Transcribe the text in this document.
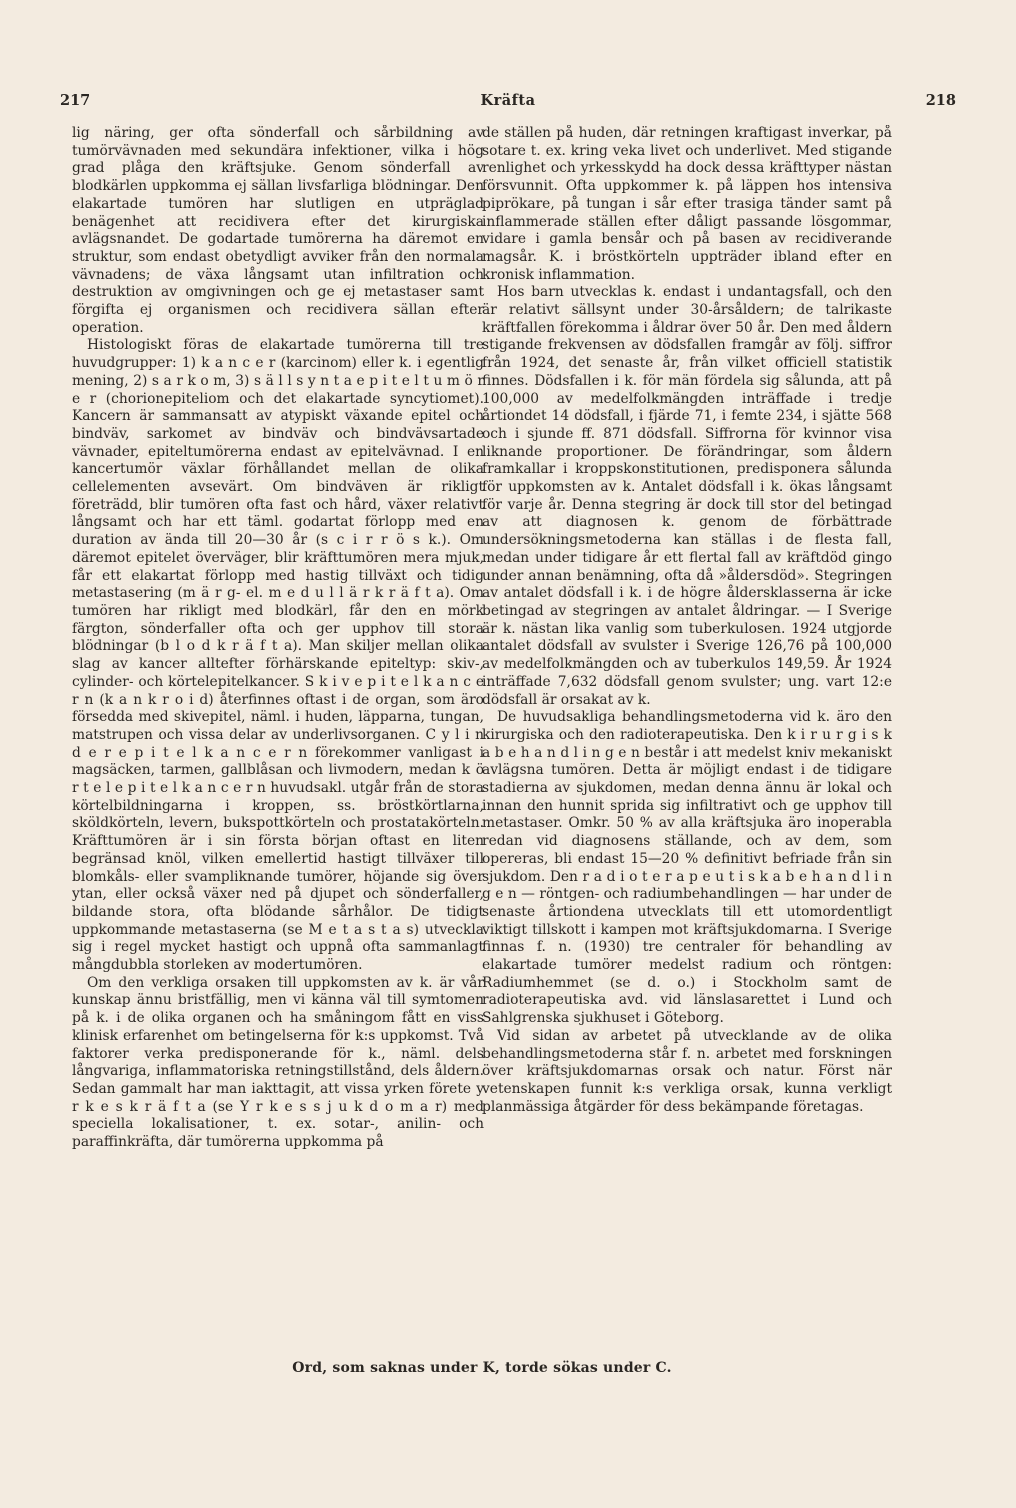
217	Kräfta	218

lig näring, ger ofta sönderfall och sårbildning av tumörvävnaden med sekundära infektioner, vilka i hög grad plåga den kräftsjuke. Genom sönderfall av blodkärlen uppkomma ej sällan livsfarliga blödningar. Den elakartade tumören har slutligen en utpräglad benägenhet att recidivera efter det kirurgiska avlägsnandet. De godartade tumörerna ha däremot en struktur, som endast obetydligt avviker från den normala vävnadens; de växa långsamt utan infiltration och destruktion av omgivningen och ge ej metastaser samt förgifta ej organismen och recidivera sällan efter operation.

Histologiskt föras de elakartade tumörerna till tre huvudgrupper: 1) k a n c e r (karcinom) eller k. i egentlig mening, 2) s a r k o m, 3) s ä l l s y n t a e p i t e l t u m ö r e r (chorionepiteliom och det elakartade syncytiomet). Kancern är sammansatt av atypiskt växande epitel och bindväv, sarkomet av bindväv och bindvävsartade vävnader, epiteltumörerna endast av epitelvävnad. I en kancertumör växlar förhållandet mellan de olika cellelementen avsevärt. Om bindväven är rikligt företrädd, blir tumören ofta fast och hård, växer relativt långsamt och har ett täml. godartat förlopp med en duration av ända till 20—30 år (s c i r r ö s k.). Om däremot epitelet överväger, blir kräfttumören mera mjuk, får ett elakartat förlopp med hastig tillväxt och tidig metastasering (m ä r g- el. m e d u l l ä r k r ä f t a). Om tumören har rikligt med blodkärl, får den en mörk färgton, sönderfaller ofta och ger upphov till stora blödningar (b l o d k r ä f t a). Man skiljer mellan olika slag av kancer alltefter förhärskande epiteltyp: skiv-, cylinder- och körtelepitelkancer. S k i v e p i t e l k a n c e r n (k a n k r o i d) återfinnes oftast i de organ, som äro försedda med skivepitel, näml. i huden, läpparna, tungan, matstrupen och vissa delar av underlivsorganen. C y l i n d e r e p i t e l k a n c e r n förekommer vanligast i magsäcken, tarmen, gallblåsan och livmodern, medan k ö r t e l e p i t e l k a n c e r n huvudsakl. utgår från de stora körtelbildningarna i kroppen, ss. bröstkörtlarna, sköldkörteln, levern, bukspottkörteln och prostatakörteln. Kräfttumören är i sin första början oftast en liten begränsad knöl, vilken emellertid hastigt tillväxer till blomkåls- eller svampliknande tumörer, höjande sig över ytan, eller också växer ned på djupet och sönderfaller, bildande stora, ofta blödande sårhålor. De tidigt uppkommande metastaserna (se M e t a s t a s) utveckla sig i regel mycket hastigt och uppnå ofta sammanlagt mångdubbla storleken av modertumören.

Om den verkliga orsaken till uppkomsten av k. är vår kunskap ännu bristfällig, men vi känna väl till symtomen på k. i de olika organen och ha småningom fått en viss klinisk erfarenhet om betingelserna för k:s uppkomst. Två faktorer verka predisponerande för k., näml. dels långvariga, inflammatoriska retningstillstånd, dels åldern. Sedan gammalt har man iakttagit, att vissa yrken förete y r k e s k r ä f t a (se Y r k e s s j u k d o m a r) med speciella lokalisationer, t. ex. sotar-, anilin- och paraffinkräfta, där tumörerna uppkomma på

de ställen på huden, där retningen kraftigast inverkar, på sotare t. ex. kring veka livet och underlivet. Med stigande renlighet och yrkesskydd ha dock dessa kräfttyper nästan försvunnit. Ofta uppkommer k. på läppen hos intensiva piprökare, på tungan i sår efter trasiga tänder samt på inflammerade ställen efter dåligt passande lösgommar, vidare i gamla bensår och på basen av recidiverande magsår. K. i bröstkörteln uppträder ibland efter en kronisk inflammation.

Hos barn utvecklas k. endast i undantagsfall, och den är relativt sällsynt under 30-årsåldern; de talrikaste kräftfallen förekomma i åldrar över 50 år. Den med åldern stigande frekvensen av dödsfallen framgår av följ. siffror från 1924, det senaste år, från vilket officiell statistik finnes. Dödsfallen i k. för män fördela sig sålunda, att på 100,000 av medelfolkmängden inträffade i tredje årtiondet 14 dödsfall, i fjärde 71, i femte 234, i sjätte 568 och i sjunde ff. 871 dödsfall. Siffrorna för kvinnor visa liknande proportioner. De förändringar, som åldern framkallar i kroppskonstitutionen, predisponera sålunda för uppkomsten av k. Antalet dödsfall i k. ökas långsamt för varje år. Denna stegring är dock till stor del betingad av att diagnosen k. genom de förbättrade undersökningsmetoderna kan ställas i de flesta fall, medan under tidigare år ett flertal fall av kräftdöd gingo under annan benämning, ofta då »åldersdöd». Stegringen av antalet dödsfall i k. i de högre åldersklasserna är icke betingad av stegringen av antalet åldringar. — I Sverige är k. nästan lika vanlig som tuberkulosen. 1924 utgjorde antalet dödsfall av svulster i Sverige 126,76 på 100,000 av medelfolkmängden och av tuberkulos 149,59. År 1924 inträffade 7,632 dödsfall genom svulster; ung. vart 12:e dödsfall är orsakat av k.

De huvudsakliga behandlingsmetoderna vid k. äro den kirurgiska och den radioterapeutiska. Den k i r u r g i s k a b e h a n d l i n g e n består i att medelst kniv mekaniskt avlägsna tumören. Detta är möjligt endast i de tidigare stadierna av sjukdomen, medan denna ännu är lokal och innan den hunnit sprida sig infiltrativt och ge upphov till metastaser. Omkr. 50 % av alla kräftsjuka äro inoperabla redan vid diagnosens ställande, och av dem, som opereras, bli endast 15—20 % definitivt befriade från sin sjukdom. Den r a d i o t e r a p e u t i s k a b e h a n d l i n g e n — röntgen- och radiumbehandlingen — har under de senaste årtiondena utvecklats till ett utomordentligt viktigt tillskott i kampen mot kräftsjukdomarna. I Sverige finnas f. n. (1930) tre centraler för behandling av elakartade tumörer medelst radium och röntgen: Radiumhemmet (se d. o.) i Stockholm samt de radioterapeutiska avd. vid länslasarettet i Lund och Sahlgrenska sjukhuset i Göteborg.

Vid sidan av arbetet på utvecklande av de olika behandlingsmetoderna står f. n. arbetet med forskningen över kräftsjukdomarnas orsak och natur. Först när vetenskapen funnit k:s verkliga orsak, kunna verkligt planmässiga åtgärder för dess bekämpande företagas.

Ord, som saknas under K, torde sökas under C.
